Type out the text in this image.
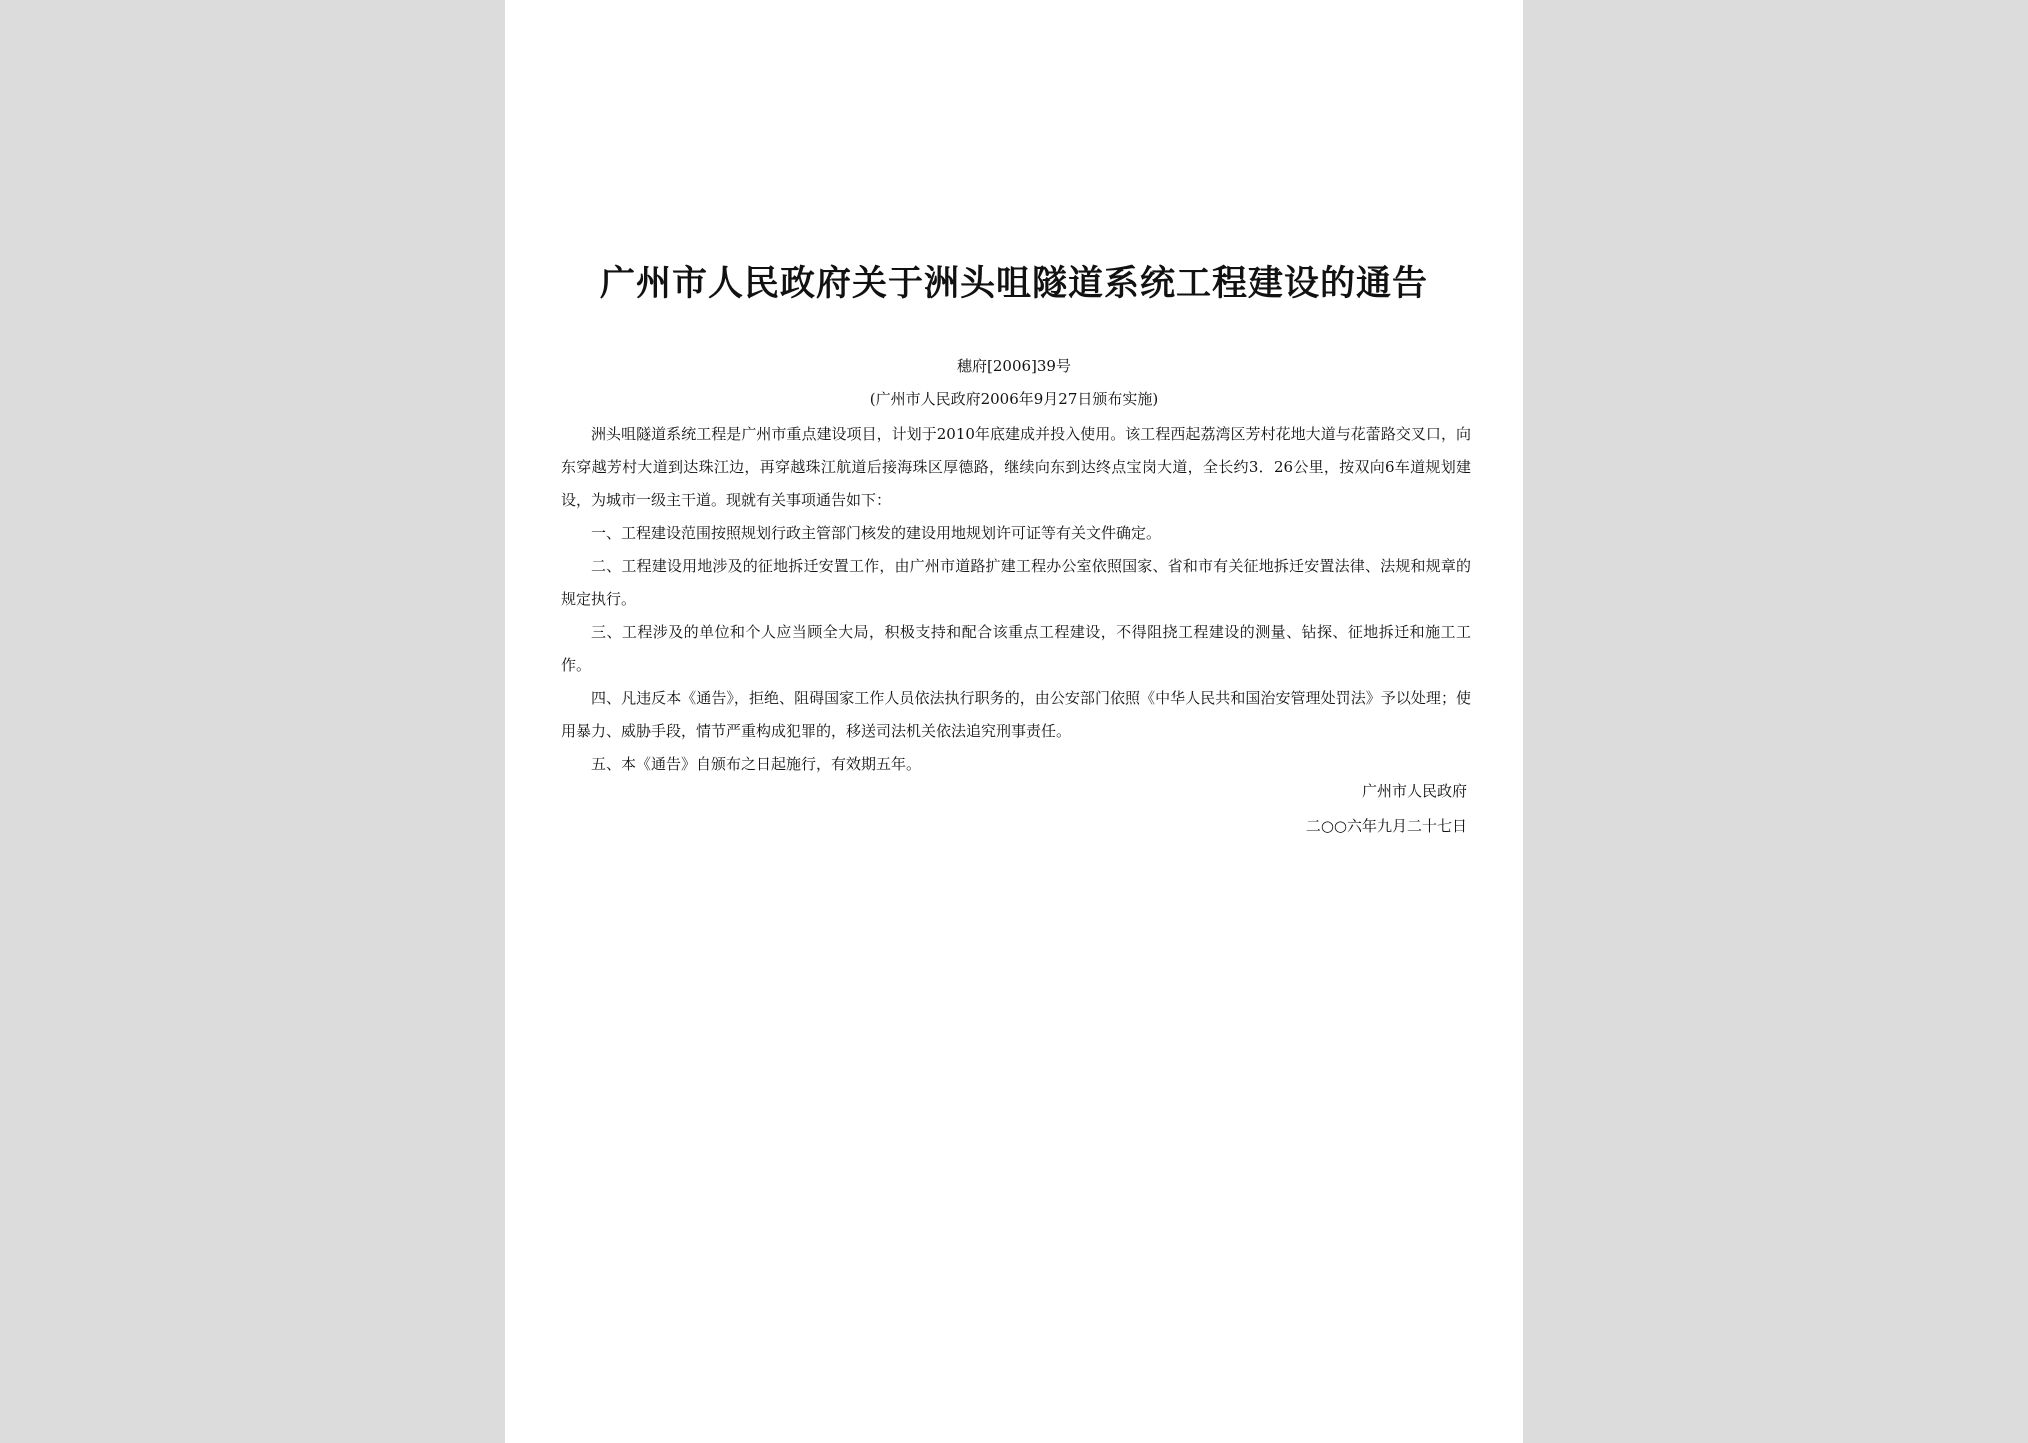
广州市人民政府关于洲头咀隧道系统工程建设的通告
穗府[2006]39号
(广州市人民政府2006年9月27日颁布实施)

洲头咀隧道系统工程是广州市重点建设项目，计划于2010年底建成并投入使用。该工程西起荔湾区芳村花地大道与花蕾路交叉口，向东穿越芳村大道到达珠江边，再穿越珠江航道后接海珠区厚德路，继续向东到达终点宝岗大道，全长约3．26公里，按双向6车道规划建设，为城市一级主干道。现就有关事项通告如下：

一、工程建设范围按照规划行政主管部门核发的建设用地规划许可证等有关文件确定。

二、工程建设用地涉及的征地拆迁安置工作，由广州市道路扩建工程办公室依照国家、省和市有关征地拆迁安置法律、法规和规章的规定执行。

三、工程涉及的单位和个人应当顾全大局，积极支持和配合该重点工程建设，不得阻挠工程建设的测量、钻探、征地拆迁和施工工作。

四、凡违反本《通告》，拒绝、阻碍国家工作人员依法执行职务的，由公安部门依照《中华人民共和国治安管理处罚法》予以处理；使用暴力、威胁手段，情节严重构成犯罪的，移送司法机关依法追究刑事责任。

五、本《通告》自颁布之日起施行，有效期五年。

广州市人民政府
二○○六年九月二十七日
